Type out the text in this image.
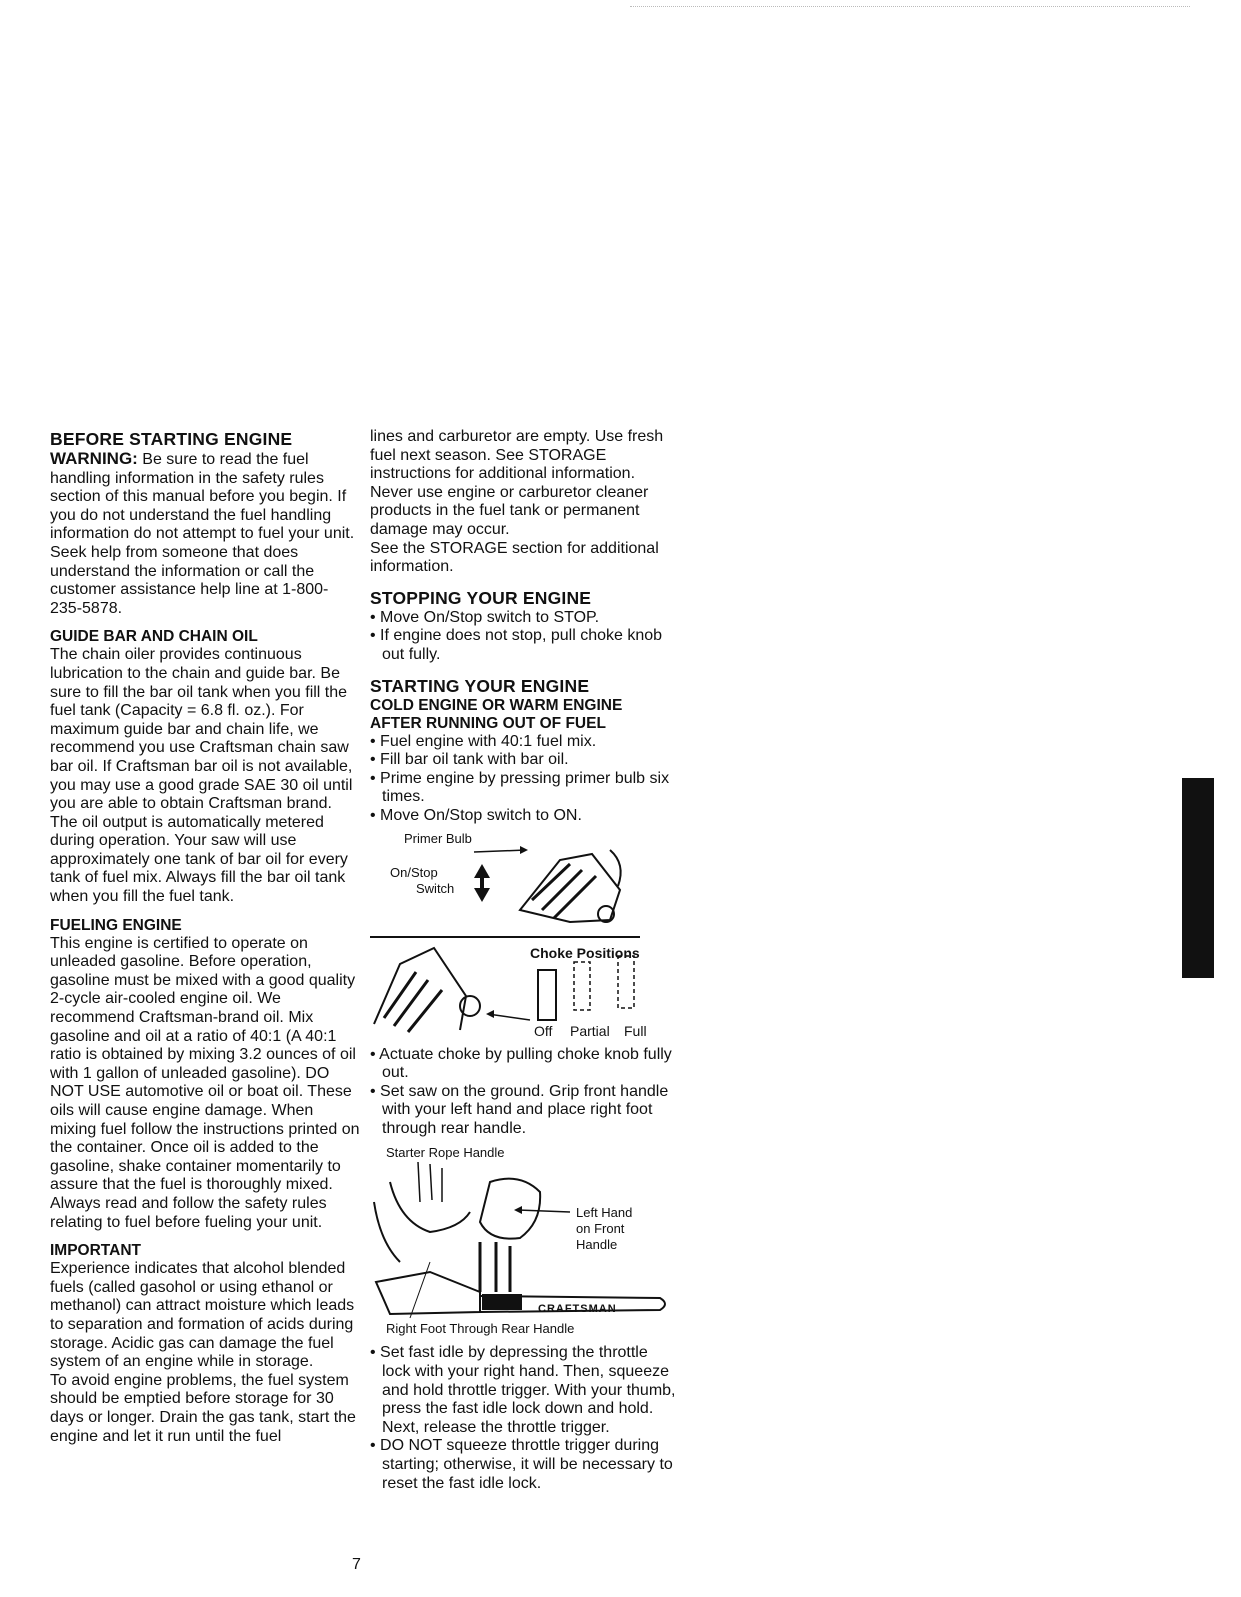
BEFORE STARTING ENGINE

WARNING: Be sure to read the fuel handling information in the safety rules section of this manual before you begin. If you do not understand the fuel handling information do not attempt to fuel your unit. Seek help from someone that does understand the information or call the customer assistance help line at 1-800-235-5878.

GUIDE BAR AND CHAIN OIL

The chain oiler provides continuous lubrication to the chain and guide bar. Be sure to fill the bar oil tank when you fill the fuel tank (Capacity = 6.8 fl. oz.). For maximum guide bar and chain life, we recommend you use Craftsman chain saw bar oil. If Craftsman bar oil is not available, you may use a good grade SAE 30 oil until you are able to obtain Craftsman brand. The oil output is automatically metered during operation. Your saw will use approximately one tank of bar oil for every tank of fuel mix. Always fill the bar oil tank when you fill the fuel tank.

FUELING ENGINE

This engine is certified to operate on unleaded gasoline. Before operation, gasoline must be mixed with a good quality 2-cycle air-cooled engine oil. We recommend Craftsman-brand oil. Mix gasoline and oil at a ratio of 40:1 (A 40:1 ratio is obtained by mixing 3.2 ounces of oil with 1 gallon of unleaded gasoline). DO NOT USE automotive oil or boat oil. These oils will cause engine damage. When mixing fuel follow the instructions printed on the container. Once oil is added to the gasoline, shake container momentarily to assure that the fuel is thoroughly mixed. Always read and follow the safety rules relating to fuel before fueling your unit.

IMPORTANT

Experience indicates that alcohol blended fuels (called gasohol or using ethanol or methanol) can attract moisture which leads to separation and formation of acids during storage. Acidic gas can damage the fuel system of an engine while in storage.

To avoid engine problems, the fuel system should be emptied before storage for 30 days or longer. Drain the gas tank, start the engine and let it run until the fuel

lines and carburetor are empty. Use fresh fuel next season. See STORAGE instructions for additional information.

Never use engine or carburetor cleaner products in the fuel tank or permanent damage may occur.

See the STORAGE section for additional information.

STOPPING YOUR ENGINE

• Move On/Stop switch to STOP.

• If engine does not stop, pull choke knob out fully.

STARTING YOUR ENGINE
COLD ENGINE OR WARM ENGINE
AFTER RUNNING OUT OF FUEL

• Fuel engine with 40:1 fuel mix.

• Fill bar oil tank with bar oil.

• Prime engine by pressing primer bulb six times.

• Move On/Stop switch to ON.

Primer Bulb
On/Stop
Switch
Choke Positions
Off Partial Full

• Actuate choke by pulling choke knob fully out.

• Set saw on the ground. Grip front handle with your left hand and place right foot through rear handle.

Starter Rope Handle
Left Hand
on Front
Handle
Right Foot Through Rear Handle
CRAFTSMAN

• Set fast idle by depressing the throttle lock with your right hand. Then, squeeze and hold throttle trigger. With your thumb, press the fast idle lock down and hold. Next, release the throttle trigger.

• DO NOT squeeze throttle trigger during starting; otherwise, it will be necessary to reset the fast idle lock.

7
